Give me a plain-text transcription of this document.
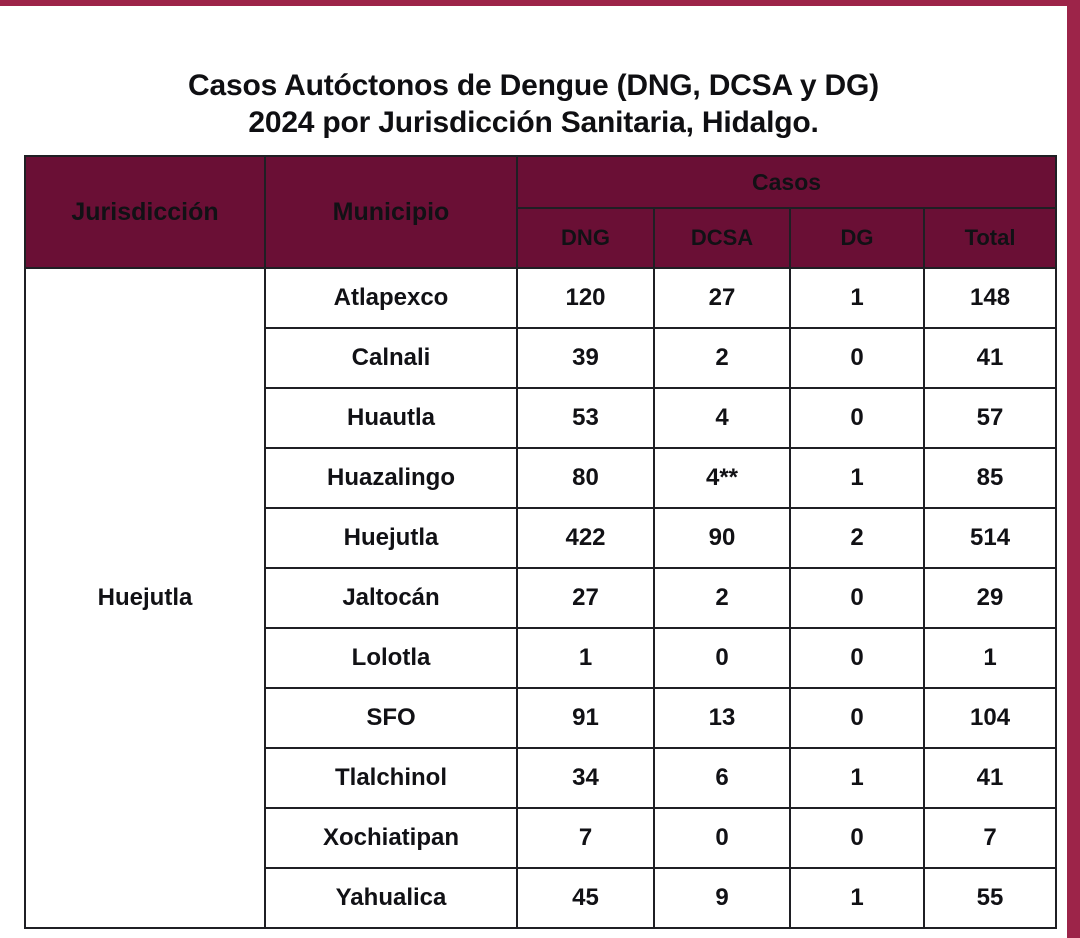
Casos Autóctonos de Dengue (DNG, DCSA y DG)
2024 por Jurisdicción Sanitaria, Hidalgo.
Jurisdicción	Municipio	Casos			
		DNG	DCSA	DG	Total
Huejutla	Atlapexco	120	27	1	148
	Calnali	39	2	0	41
	Huautla	53	4	0	57
	Huazalingo	80	4**	1	85
	Huejutla	422	90	2	514
	Jaltocán	27	2	0	29
	Lolotla	1	0	0	1
	SFO	91	13	0	104
	Tlalchinol	34	6	1	41
	Xochiatipan	7	0	0	7
	Yahualica	45	9	1	55
